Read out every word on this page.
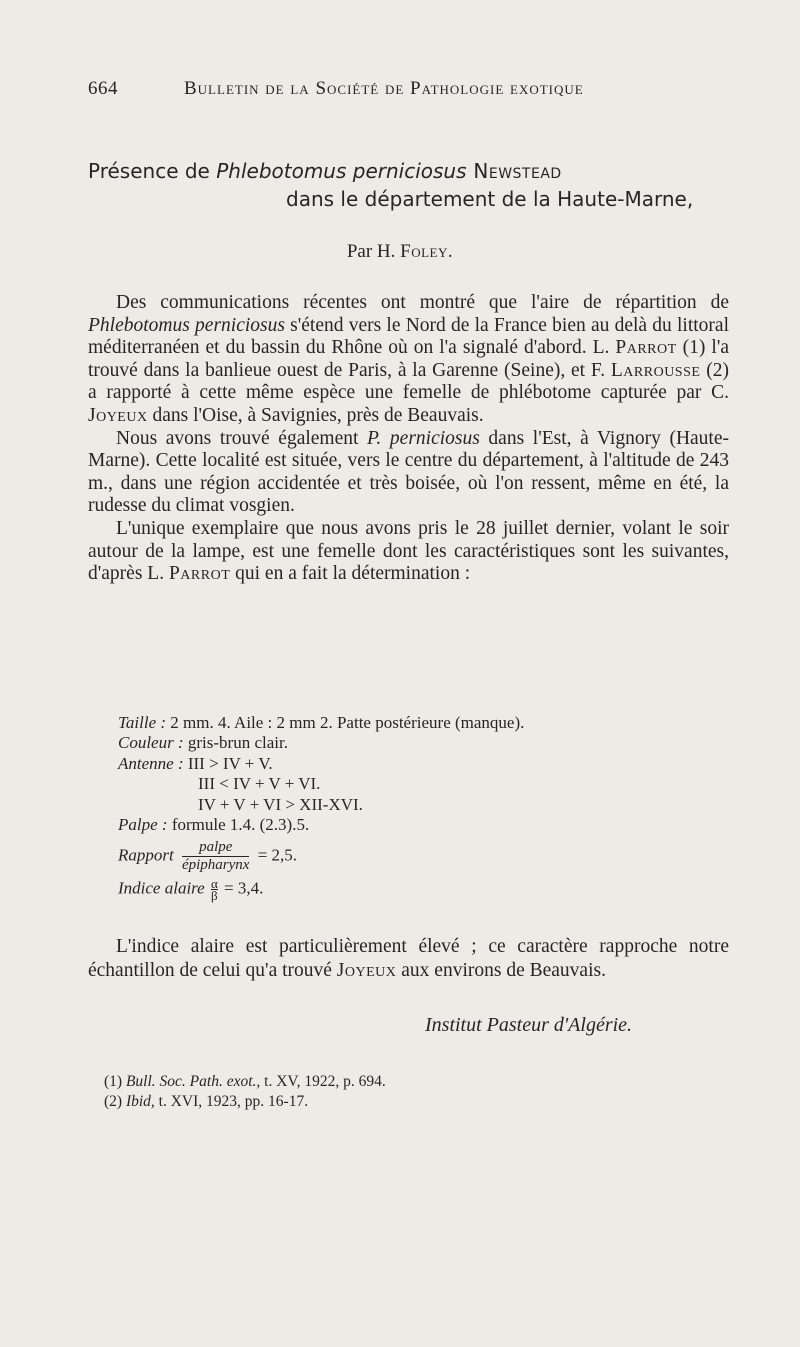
664	Bulletin de la Société de Pathologie exotique
Présence de Phlebotomus perniciosus Newstead
dans le département de la Haute-Marne,
Par H. Foley.

Des communications récentes ont montré que l'aire de répartition de Phlebotomus perniciosus s'étend vers le Nord de la France bien au delà du littoral méditerranéen et du bassin du Rhône où on l'a signalé d'abord. L. Parrot (1) l'a trouvé dans la banlieue ouest de Paris, à la Garenne (Seine), et F. Larrousse (2) a rapporté à cette même espèce une femelle de phlébotome capturée par C. Joyeux dans l'Oise, à Savignies, près de Beauvais.

Nous avons trouvé également P. perniciosus dans l'Est, à Vignory (Haute-Marne). Cette localité est située, vers le centre du département, à l'altitude de 243 m., dans une région accidentée et très boisée, où l'on ressent, même en été, la rudesse du climat vosgien.

L'unique exemplaire que nous avons pris le 28 juillet dernier, volant le soir autour de la lampe, est une femelle dont les caractéristiques sont les suivantes, d'après L. Parrot qui en a fait la détermination :

Taille : 2 mm. 4. Aile : 2 mm 2. Patte postérieure (manque).
Couleur : gris-brun clair.
Antenne : III > IV + V.
III < IV + V + VI.
IV + V + VI > XII-XVI.
Palpe : formule 1.4. (2.3).5.
Rapport $\frac{\text{palpe}}{\text{épipharynx}} = 2,5$.
Indice alaire $\frac{\alpha}{\beta} = 3,4$.

L'indice alaire est particulièrement élevé ; ce caractère rapproche notre échantillon de celui qu'a trouvé Joyeux aux environs de Beauvais.

Institut Pasteur d'Algérie.
(1) Bull. Soc. Path. exot., t. XV, 1922, p. 694.
(2) Ibid, t. XVI, 1923, pp. 16-17.
